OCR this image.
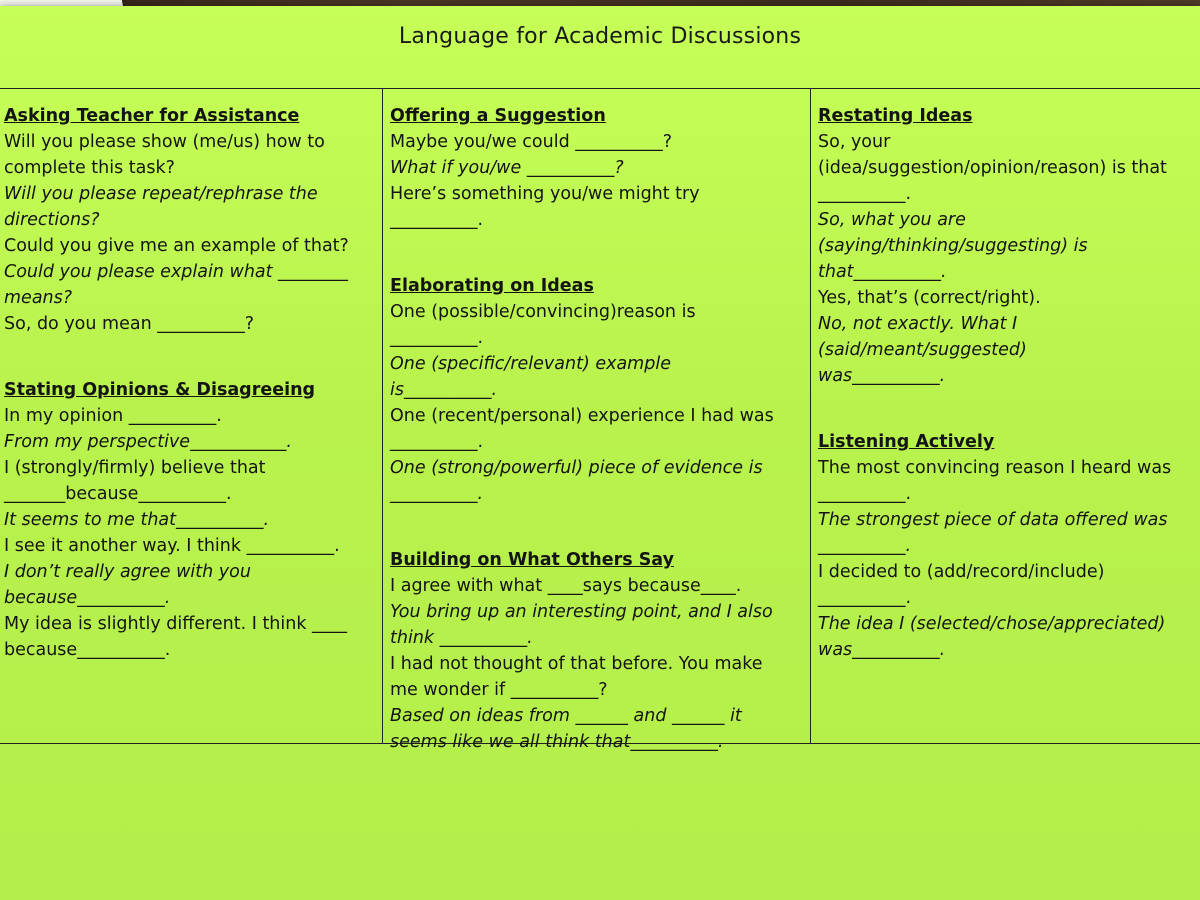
Language for Academic Discussions

Asking Teacher for Assistance

Will you please show (me/us) how to

complete this task?

Will you please repeat/rephrase the

directions?

Could you give me an example of that?

Could you please explain what ________

means?

So, do you mean __________?

Stating Opinions & Disagreeing

In my opinion __________.

From my perspective___________.

I (strongly/firmly) believe that

_______because__________.

It seems to me that__________.

I see it another way. I think __________.

I don’t really agree with you

because__________.

My idea is slightly different. I think ____

because__________.

Offering a Suggestion

Maybe you/we could __________?

What if you/we __________?

Here’s something you/we might try

__________.

Elaborating on Ideas

One (possible/convincing)reason is

__________.

One (specific/relevant) example

is__________.

One (recent/personal) experience I had was

__________.

One (strong/powerful) piece of evidence is

__________.

Building on What Others Say

I agree with what ____says because____.

You bring up an interesting point, and I also

think __________.

I had not thought of that before. You make

me wonder if __________?

Based on ideas from ______ and ______ it

seems like we all think that__________.

Restating Ideas

So, your

(idea/suggestion/opinion/reason) is that

__________.

So, what you are

(saying/thinking/suggesting) is

that__________.

Yes, that’s (correct/right).

No, not exactly. What I

(said/meant/suggested)

was__________.

Listening Actively

The most convincing reason I heard was

__________.

The strongest piece of data offered was

__________.

I decided to (add/record/include)

__________.

The idea I (selected/chose/appreciated)

was__________.
